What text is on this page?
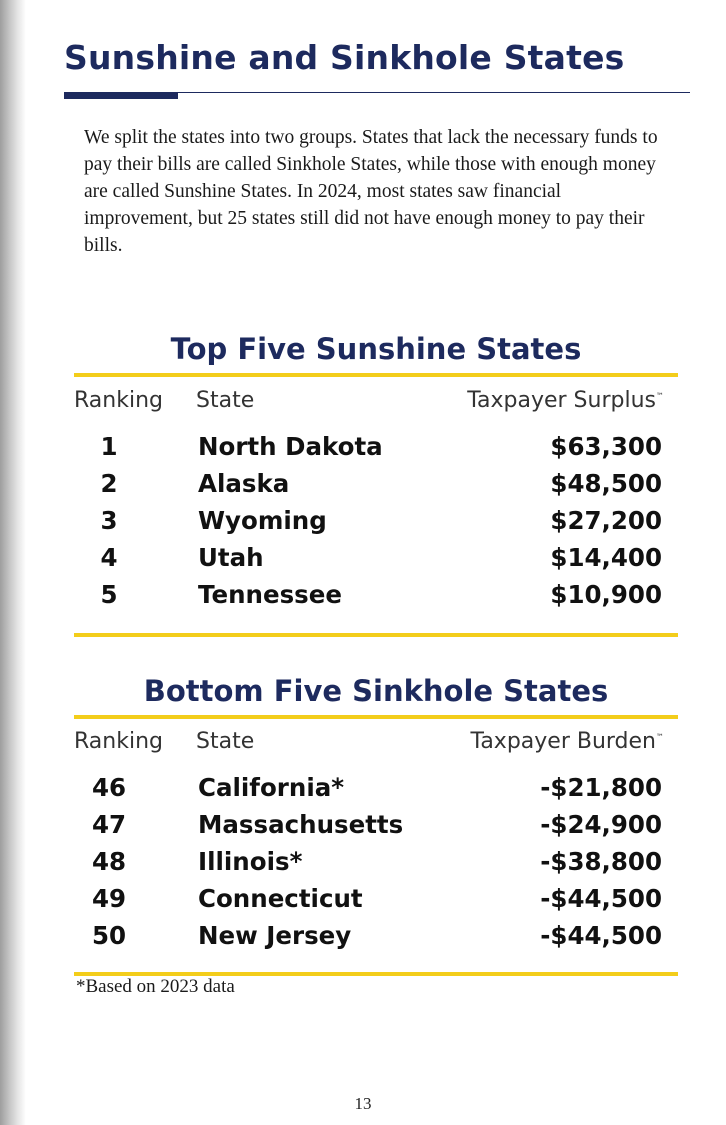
Sunshine and Sinkhole States

We split the states into two groups. States that lack the necessary funds to pay their bills are called Sinkhole States, while those with enough money are called Sunshine States. In 2024, most states saw financial improvement, but 25 states still did not have enough money to pay their bills.

Top Five Sunshine States
Ranking State	Taxpayer Surplus™
1	North Dakota	$63,300
2	Alaska	$48,500
3	Wyoming	$27,200
4	Utah	$14,400
5	Tennessee	$10,900
Bottom Five Sinkhole States
Ranking State	Taxpayer Burden™
46	California*	-$21,800
47	Massachusetts	-$24,900
48	Illinois*	-$38,800
49	Connecticut	-$44,500
50	New Jersey	-$44,500

*Based on 2023 data

13
